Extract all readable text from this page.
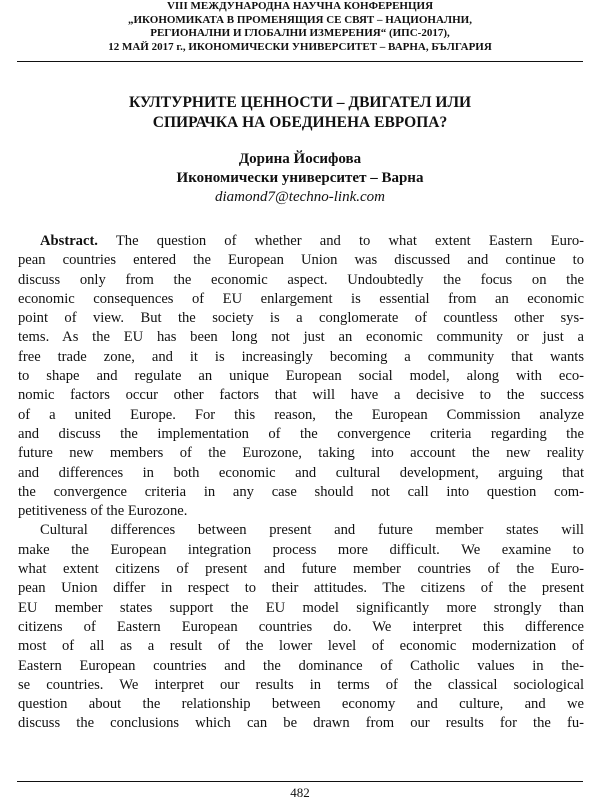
VIII МЕЖДУНАРОДНА НАУЧНА КОНФЕРЕНЦИЯ
„ИКОНОМИКАТА В ПРОМЕНЯЩИЯ СЕ СВЯТ – НАЦИОНАЛНИ,
РЕГИОНАЛНИ И ГЛОБАЛНИ ИЗМЕРЕНИЯ“ (ИПС-2017),
12 МАЙ 2017 г., ИКОНОМИЧЕСКИ УНИВЕРСИТЕТ – ВАРНА, БЪЛГАРИЯ
КУЛТУРНИТЕ ЦЕННОСТИ – ДВИГАТЕЛ ИЛИ
СПИРАЧКА НА ОБЕДИНЕНА ЕВРОПА?
Дорина Йосифова
Икономически университет – Варна
diamond7@techno-link.com
Abstract. The question of whether and to what extent Eastern Euro-
pean countries entered the European Union was discussed and continue to
discuss only from the economic aspect. Undoubtedly the focus on the
economic consequences of EU enlargement is essential from an economic
point of view. But the society is a conglomerate of countless other sys-
tems. As the EU has been long not just an economic community or just a
free trade zone, and it is increasingly becoming a community that wants
to shape and regulate an unique European social model, along with eco-
nomic factors occur other factors that will have a decisive to the success
of a united Europe. For this reason, the European Commission analyze
and discuss the implementation of the convergence criteria regarding the
future new members of the Eurozone, taking into account the new reality
and differences in both economic and cultural development, arguing that
the convergence criteria in any case should not call into question com-
petitiveness of the Eurozone.
Cultural differences between present and future member states will
make the European integration process more difficult. We examine to
what extent citizens of present and future member countries of the Euro-
pean Union differ in respect to their attitudes. The citizens of the present
EU member states support the EU model significantly more strongly than
citizens of Eastern European countries do. We interpret this difference
most of all as a result of the lower level of economic modernization of
Eastern European countries and the dominance of Catholic values in the-
se countries. We interpret our results in terms of the classical sociological
question about the relationship between economy and culture, and we
discuss the conclusions which can be drawn from our results for the fu-
482
